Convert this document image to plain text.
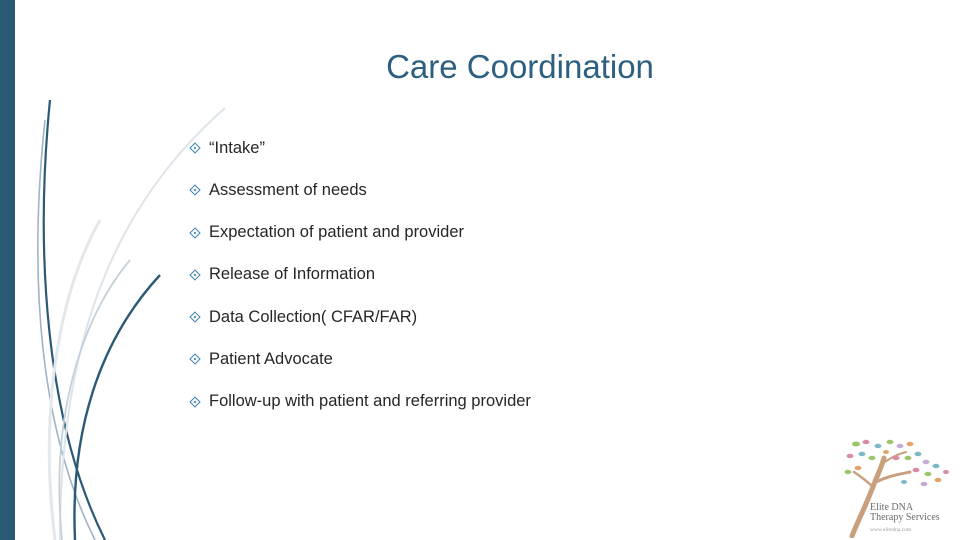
Care Coordination
“Intake”
Assessment of needs
Expectation of patient and provider
Release of Information
Data Collection( CFAR/FAR)
Patient Advocate
Follow-up with patient and referring provider
Elite DNA
Therapy Services
www.elitedna.com
